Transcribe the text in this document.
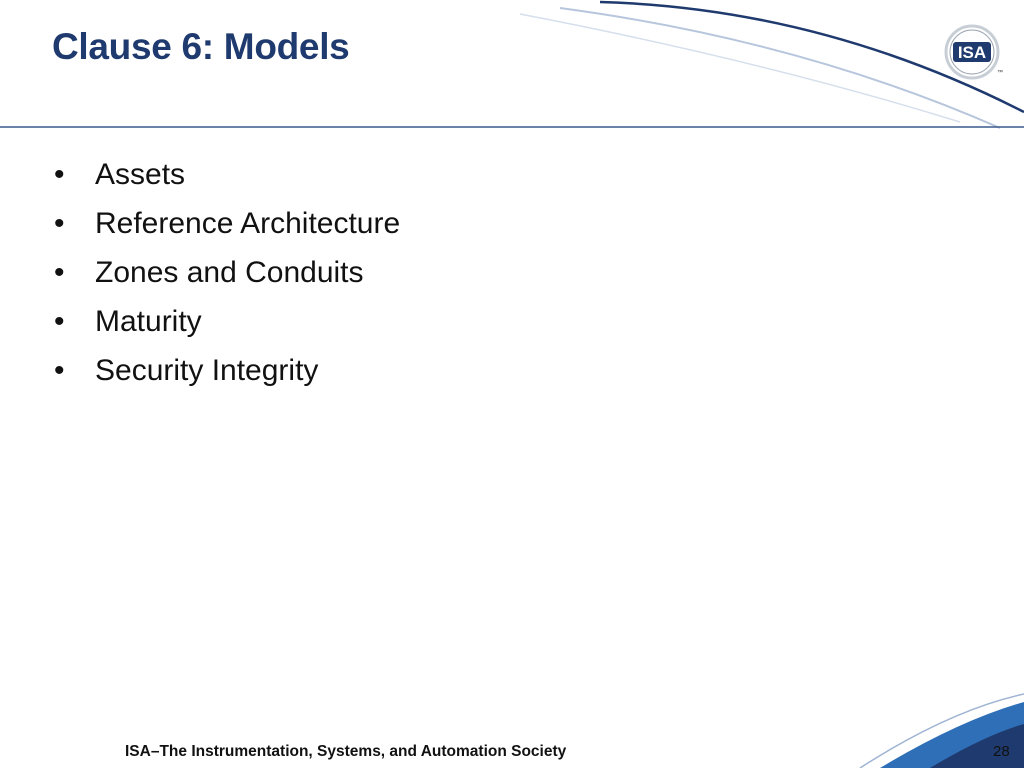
Clause 6: Models	ISA
™
•	Assets
•	Reference Architecture
•	Zones and Conduits
•	Maturity
•	Security Integrity
ISA–The Instrumentation, Systems, and Automation Society	28
